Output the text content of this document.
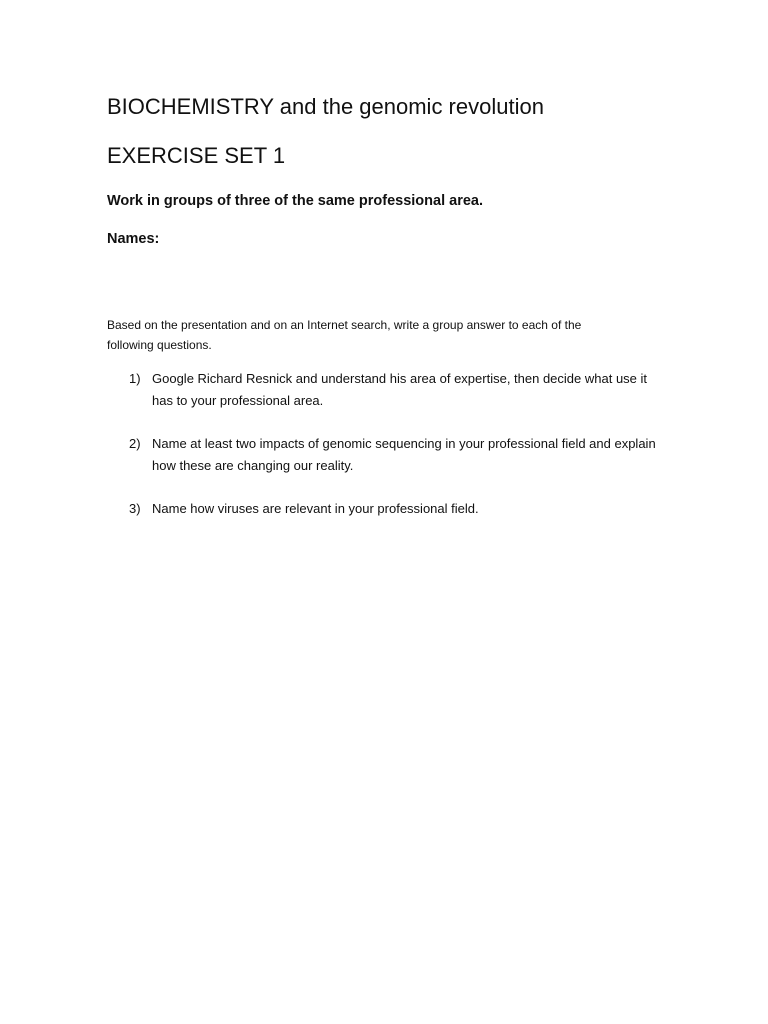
BIOCHEMISTRY and the genomic revolution
EXERCISE SET 1

Work in groups of three of the same professional area.

Names:

Based on the presentation and on an Internet search, write a group answer to each of the following questions.

1) Google Richard Resnick and understand his area of expertise, then decide what use it has to your professional area.
2) Name at least two impacts of genomic sequencing in your professional field and explain how these are changing our reality.
3) Name how viruses are relevant in your professional field.
